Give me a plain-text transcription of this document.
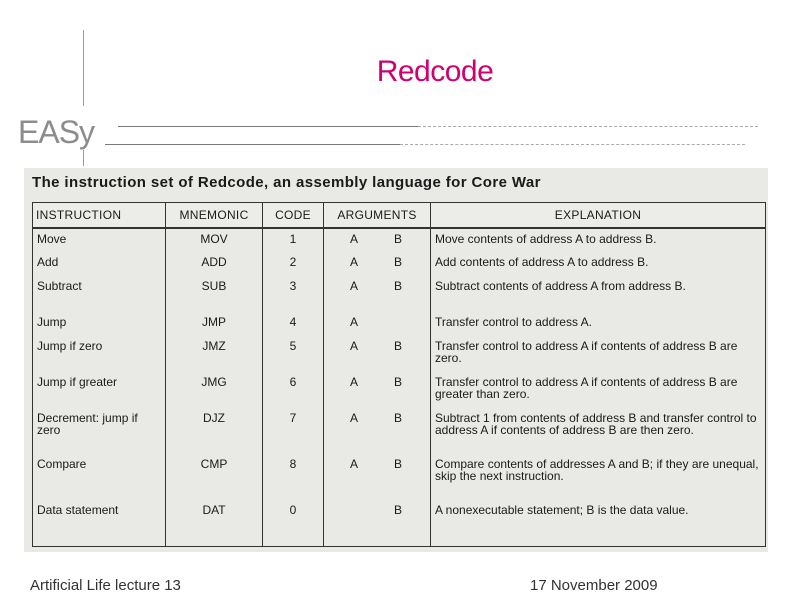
Redcode
EASy
The instruction set of Redcode, an assembly language for Core War
INSTRUCTION	MNEMONIC	CODE	ARGUMENTS	EXPLANATION
Move	MOV	1	A B	Move contents of address A to address B.
Add	ADD	2	A B	Add contents of address A to address B.
Subtract	SUB	3	A B	Subtract contents of address A from address B.
Jump	JMP	4	A	Transfer control to address A.
Jump if zero	JMZ	5	A B	Transfer control to address A if contents of address B are zero.
Jump if greater	JMG	6	A B	Transfer control to address A if contents of address B are greater than zero.
Decrement: jump if zero	DJZ	7	A B	Subtract 1 from contents of address B and transfer control to address A if contents of address B are then zero.
Compare	CMP	8	A B	Compare contents of addresses A and B; if they are unequal, skip the next instruction.
Data statement	DAT	0	B	A nonexecutable statement; B is the data value.
Artificial Life lecture 13	17 November 2009
